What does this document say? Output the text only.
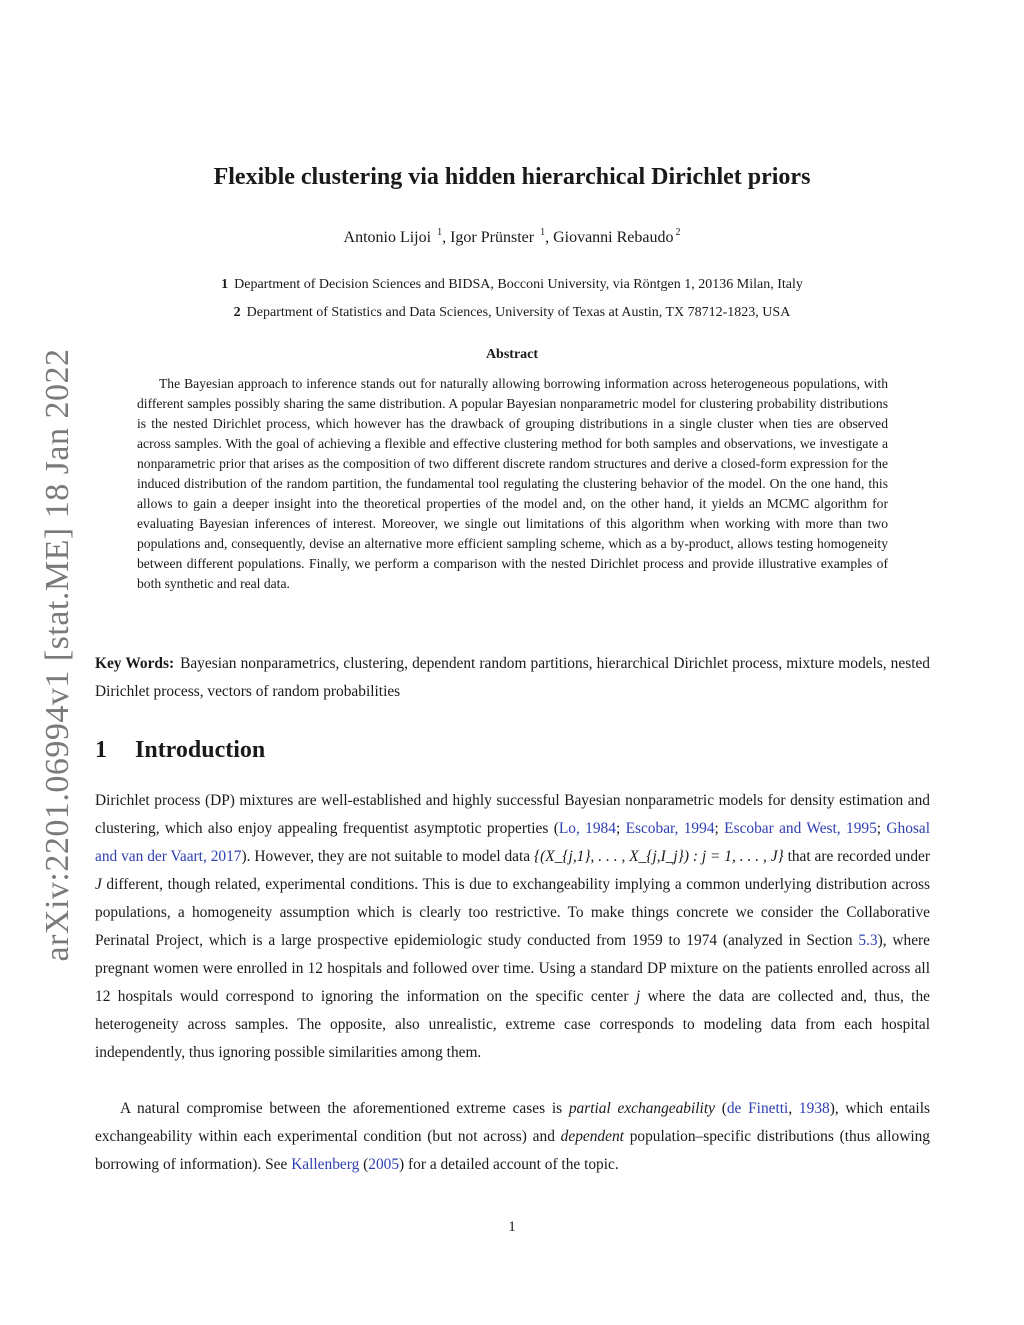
arXiv:2201.06994v1 [stat.ME] 18 Jan 2022
Flexible clustering via hidden hierarchical Dirichlet priors
Antonio Lijoi $^1$, Igor Prünster $^1$, Giovanni Rebaudo $^2$
1 Department of Decision Sciences and BIDSA, Bocconi University, via Röntgen 1, 20136 Milan, Italy
2 Department of Statistics and Data Sciences, University of Texas at Austin, TX 78712-1823, USA
Abstract

The Bayesian approach to inference stands out for naturally allowing borrowing information across heterogeneous populations, with different samples possibly sharing the same distribution. A popular Bayesian nonparametric model for clustering probability distributions is the nested Dirichlet process, which however has the drawback of grouping distributions in a single cluster when ties are observed across samples. With the goal of achieving a flexible and effective clustering method for both samples and observations, we investigate a nonparametric prior that arises as the composition of two different discrete random structures and derive a closed-form expression for the induced distribution of the random partition, the fundamental tool regulating the clustering behavior of the model. On the one hand, this allows to gain a deeper insight into the theoretical properties of the model and, on the other hand, it yields an MCMC algorithm for evaluating Bayesian inferences of interest. Moreover, we single out limitations of this algorithm when working with more than two populations and, consequently, devise an alternative more efficient sampling scheme, which as a by-product, allows testing homogeneity between different populations. Finally, we perform a comparison with the nested Dirichlet process and provide illustrative examples of both synthetic and real data.

Key Words: Bayesian nonparametrics, clustering, dependent random partitions, hierarchical Dirichlet process, mixture models, nested Dirichlet process, vectors of random probabilities

1 Introduction

Dirichlet process (DP) mixtures are well-established and highly successful Bayesian nonparametric models for density estimation and clustering, which also enjoy appealing frequentist asymptotic properties (Lo, 1984; Escobar, 1994; Escobar and West, 1995; Ghosal and van der Vaart, 2017). However, they are not suitable to model data {(X_{j,1}, . . . , X_{j,I_j}) : j = 1, . . . , J} that are recorded under J different, though related, experimental conditions. This is due to exchangeability implying a common underlying distribution across populations, a homogeneity assumption which is clearly too restrictive. To make things concrete we consider the Collaborative Perinatal Project, which is a large prospective epidemiologic study conducted from 1959 to 1974 (analyzed in Section 5.3), where pregnant women were enrolled in 12 hospitals and followed over time. Using a standard DP mixture on the patients enrolled across all 12 hospitals would correspond to ignoring the information on the specific center j where the data are collected and, thus, the heterogeneity across samples. The opposite, also unrealistic, extreme case corresponds to modeling data from each hospital independently, thus ignoring possible similarities among them.

A natural compromise between the aforementioned extreme cases is partial exchangeability (de Finetti, 1938), which entails exchangeability within each experimental condition (but not across) and dependent population–specific distributions (thus allowing borrowing of information). See Kallenberg (2005) for a detailed account of the topic.

1
